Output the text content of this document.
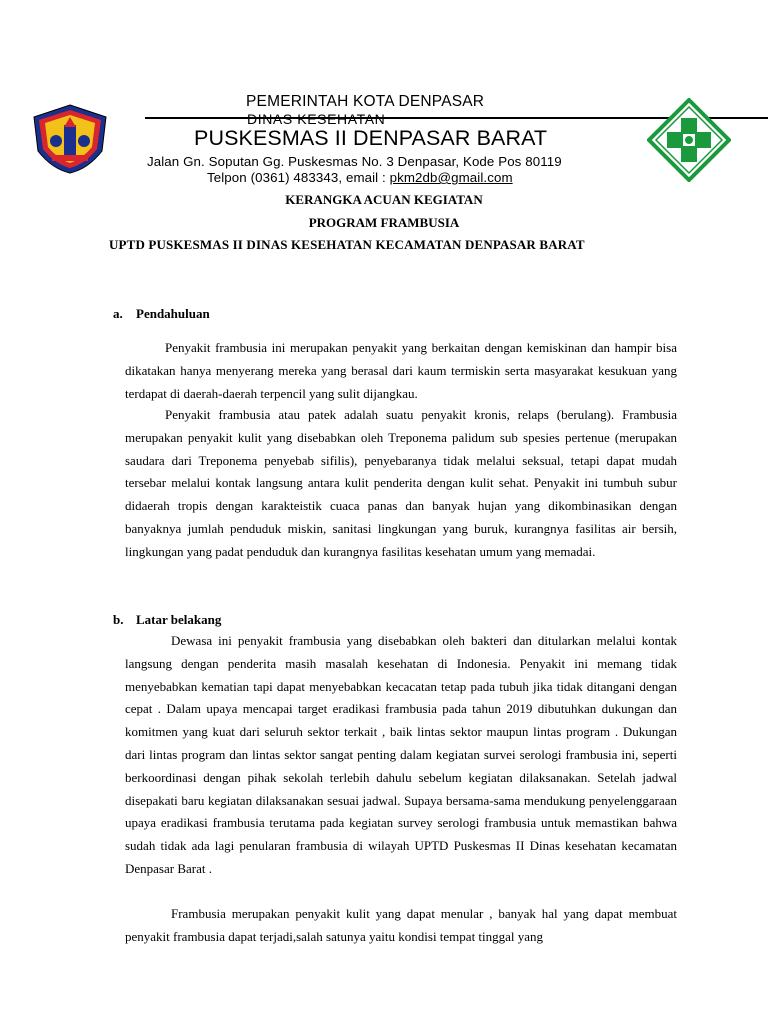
PEMERINTAH KOTA DENPASAR
DINAS KESEHATAN
PUSKESMAS II DENPASAR BARAT
Jalan Gn. Soputan Gg. Puskesmas No. 3 Denpasar, Kode Pos 80119
Telpon (0361) 483343, email : pkm2db@gmail.com
KERANGKA ACUAN KEGIATAN
PROGRAM FRAMBUSIA
UPTD PUSKESMAS II DINAS KESEHATAN KECAMATAN DENPASAR BARAT
a. Pendahuluan

Penyakit frambusia ini merupakan penyakit yang berkaitan dengan kemiskinan dan hampir bisa dikatakan hanya menyerang mereka yang berasal dari kaum termiskin serta masyarakat kesukuan yang terdapat di daerah-daerah terpencil yang sulit dijangkau.

Penyakit frambusia atau patek adalah suatu penyakit kronis, relaps (berulang). Frambusia merupakan penyakit kulit yang disebabkan oleh Treponema palidum sub spesies pertenue (merupakan saudara dari Treponema penyebab sifilis), penyebaranya tidak melalui seksual, tetapi dapat mudah tersebar melalui kontak langsung antara kulit penderita dengan kulit sehat. Penyakit ini tumbuh subur didaerah tropis dengan karakteistik cuaca panas dan banyak hujan yang dikombinasikan dengan banyaknya jumlah penduduk miskin, sanitasi lingkungan yang buruk, kurangnya fasilitas air bersih, lingkungan yang padat penduduk dan kurangnya fasilitas kesehatan umum yang memadai.

b. Latar belakang

Dewasa ini penyakit frambusia yang disebabkan oleh bakteri dan ditularkan melalui kontak langsung dengan penderita masih masalah kesehatan di Indonesia. Penyakit ini memang tidak menyebabkan kematian tapi dapat menyebabkan kecacatan tetap pada tubuh jika tidak ditangani dengan cepat . Dalam upaya mencapai target eradikasi frambusia pada tahun 2019 dibutuhkan dukungan dan komitmen yang kuat dari seluruh sektor terkait , baik lintas sektor maupun lintas program . Dukungan dari lintas program dan lintas sektor sangat penting dalam kegiatan survei serologi frambusia ini, seperti berkoordinasi dengan pihak sekolah terlebih dahulu sebelum kegiatan dilaksanakan. Setelah jadwal disepakati baru kegiatan dilaksanakan sesuai jadwal. Supaya bersama-sama mendukung penyelenggaraan upaya eradikasi frambusia terutama pada kegiatan survey serologi frambusia untuk memastikan bahwa sudah tidak ada lagi penularan frambusia di wilayah UPTD Puskesmas II Dinas kesehatan kecamatan Denpasar Barat .

Frambusia merupakan penyakit kulit yang dapat menular , banyak hal yang dapat membuat penyakit frambusia dapat terjadi,salah satunya yaitu kondisi tempat tinggal yang
